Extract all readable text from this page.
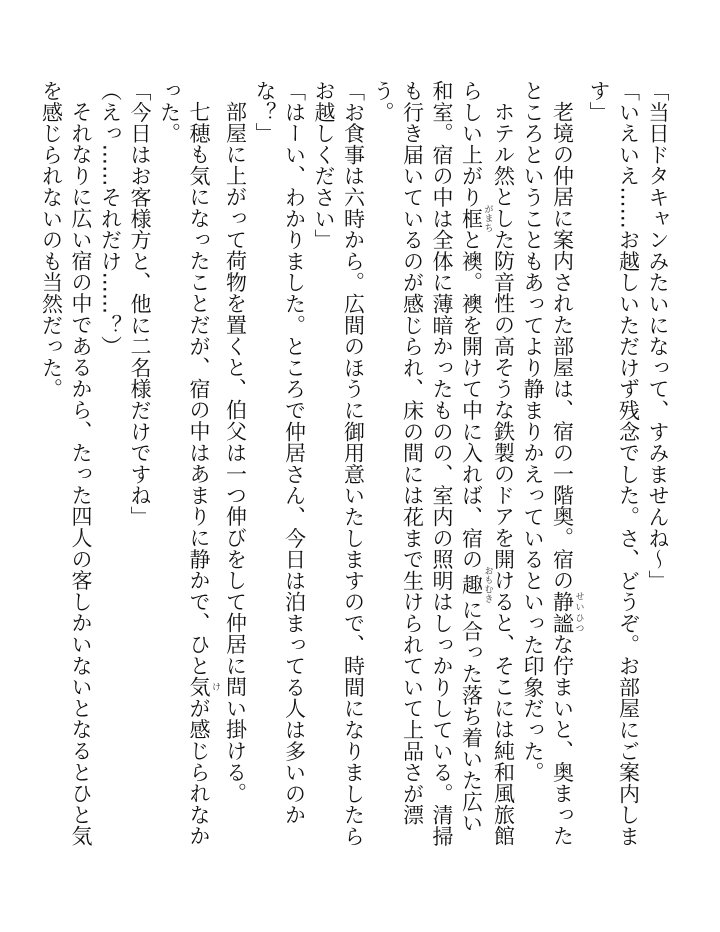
「当日ドタキャンみたいになって、すみませんね～」

「いえいえ……お越しいただけず残念でした。さ、どうぞ。お部屋にご案内します」

老境の仲居に案内された部屋は、宿の一階奥。宿の静謐 せいひつな佇まいと、奥まったところということもあってより静まりかえっているといった印象だった。

ホテル然とした防音性の高そうな鉄製のドアを開けると、そこには純和風旅館らしい上がり框 がまちと襖。襖を開けて中に入れば、宿の趣 おもむきに合った落ち着いた広い和室。宿の中は全体に薄暗かったものの、室内の照明はしっかりしている。清掃も行き届いているのが感じられ、床の間には花まで生けられていて上品さが漂う。

「お食事は六時から。広間のほうに御用意いたしますので、時間になりましたらお越しください」

「はーい、わかりました。ところで仲居さん、今日は泊まってる人は多いのかな？」

部屋に上がって荷物を置くと、伯父は一つ伸びをして仲居に問い掛ける。

七穂も気になったことだが、宿の中はあまりに静かで、ひと気 けが感じられなかった。

「今日はお客様方と、他に二名様だけですね」

（えっ……それだけ……？）

それなりに広い宿の中であるから、たった四人の客しかいないとなるとひと気を感じられないのも当然だった。
